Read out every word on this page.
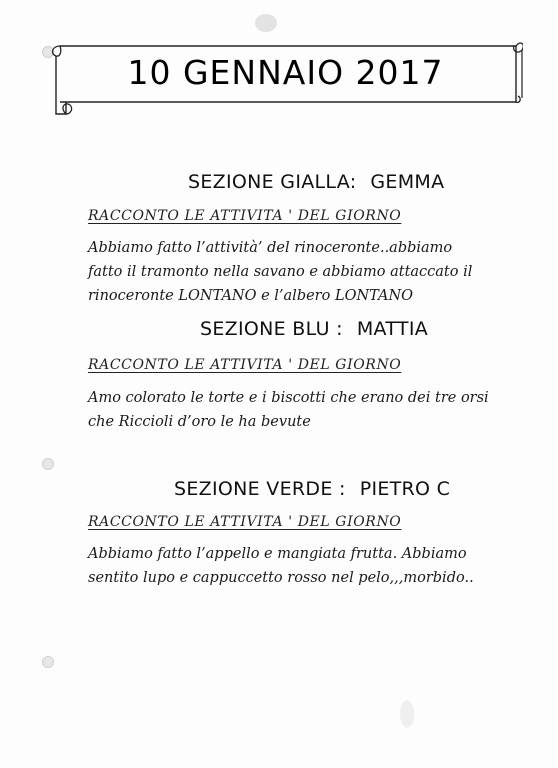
10 GENNAIO 2017
SEZIONE GIALLA: GEMMA
RACCONTO LE ATTIVITA ' DEL GIORNO
Abbiamo fatto l’attività’ del rinoceronte..abbiamo
fatto il tramonto nella savano e abbiamo attaccato il
rinoceronte LONTANO e l’albero LONTANO
SEZIONE BLU : MATTIA
RACCONTO LE ATTIVITA ' DEL GIORNO
Amo colorato le torte e i biscotti che erano dei tre orsi
che Riccioli d’oro le ha bevute
SEZIONE VERDE : PIETRO C
RACCONTO LE ATTIVITA ' DEL GIORNO
Abbiamo fatto l’appello e mangiata frutta. Abbiamo
sentito lupo e cappuccetto rosso nel pelo,,,morbido..
